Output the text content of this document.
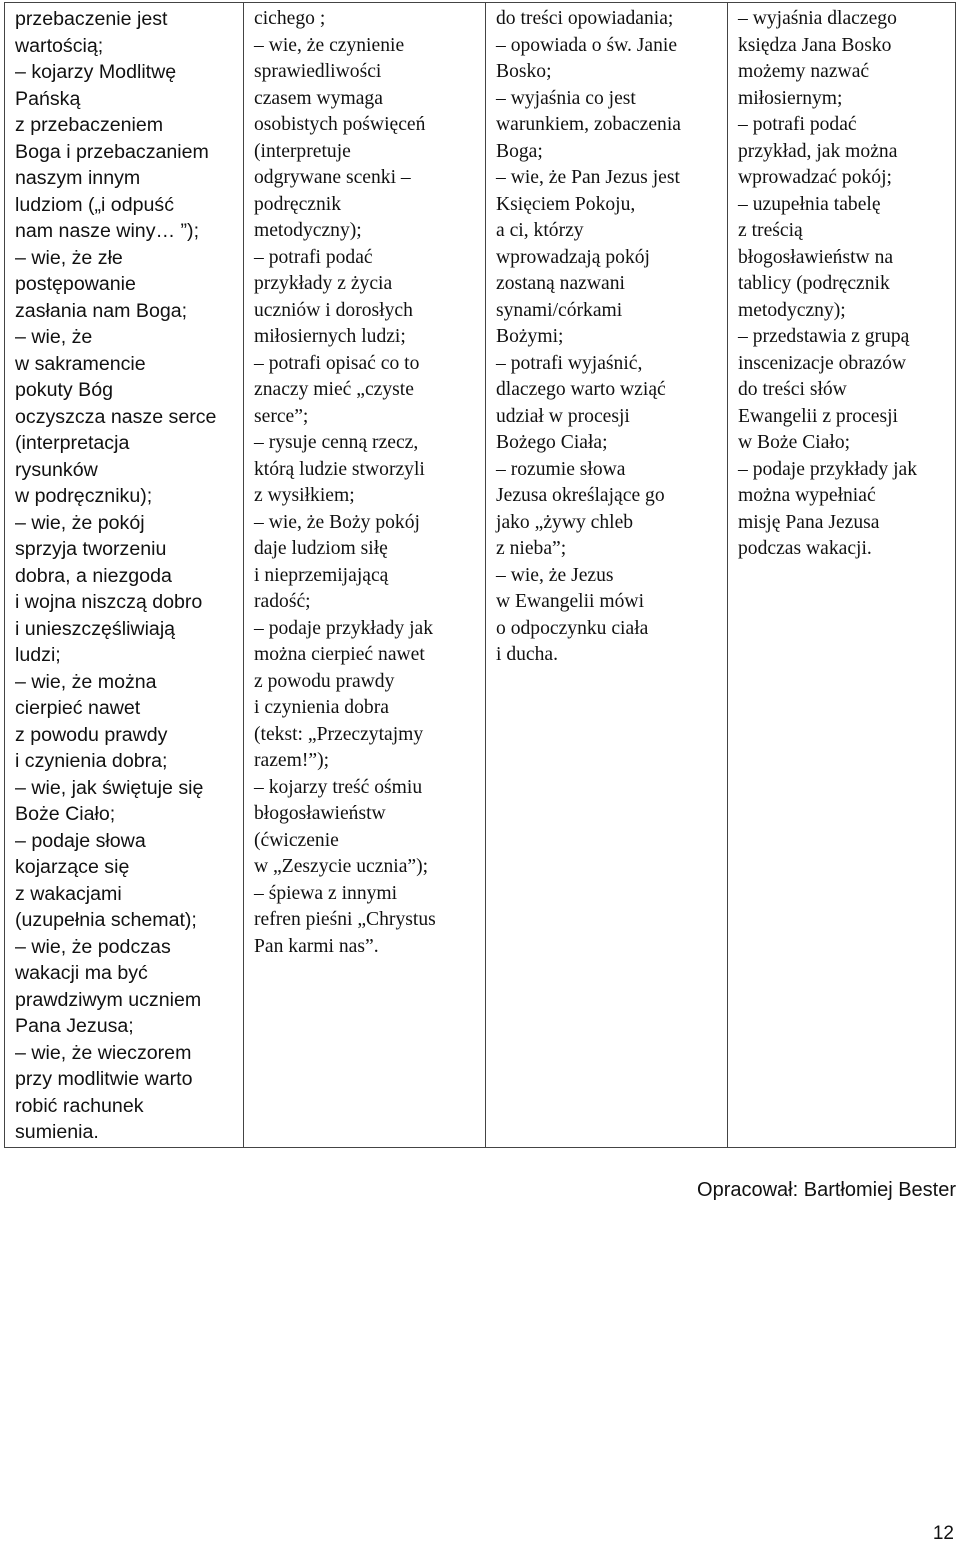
przebaczenie jest
wartością;
– kojarzy Modlitwę
Pańską
z przebaczeniem
Boga i przebaczaniem
naszym innym
ludziom („i odpuść
nam nasze winy… ”);
– wie, że złe
postępowanie
zasłania nam Boga;
– wie, że
w sakramencie
pokuty Bóg
oczyszcza nasze serce
(interpretacja
rysunków
w podręczniku);
– wie, że pokój
sprzyja tworzeniu
dobra, a niezgoda
i wojna niszczą dobro
i unieszczęśliwiają
ludzi;
– wie, że można
cierpieć nawet
z powodu prawdy
i czynienia dobra;
– wie, jak świętuje się
Boże Ciało;
– podaje słowa
kojarzące się
z wakacjami
(uzupełnia schemat);
– wie, że podczas
wakacji ma być
prawdziwym uczniem
Pana Jezusa;
– wie, że wieczorem
przy modlitwie warto
robić rachunek
sumienia.

cichego ;
– wie, że czynienie
sprawiedliwości
czasem wymaga
osobistych poświęceń
(interpretuje
odgrywane scenki –
podręcznik
metodyczny);
– potrafi podać
przykłady z życia
uczniów i dorosłych
miłosiernych ludzi;
– potrafi opisać co to
znaczy mieć „czyste
serce”;
– rysuje cenną rzecz,
którą ludzie stworzyli
z wysiłkiem;
– wie, że Boży pokój
daje ludziom siłę
i nieprzemijającą
radość;
– podaje przykłady jak
można cierpieć nawet
z powodu prawdy
i czynienia dobra
(tekst: „Przeczytajmy
razem!”);
– kojarzy treść ośmiu
błogosławieństw
(ćwiczenie
w „Zeszycie ucznia”);
– śpiewa z innymi
refren pieśni „Chrystus
Pan karmi nas”.

do treści opowiadania;
– opowiada o św. Janie
Bosko;
– wyjaśnia co jest
warunkiem, zobaczenia
Boga;
– wie, że Pan Jezus jest
Księciem Pokoju,
a ci, którzy
wprowadzają pokój
zostaną nazwani
synami/córkami
Bożymi;
– potrafi wyjaśnić,
dlaczego warto wziąć
udział w procesji
Bożego Ciała;
– rozumie słowa
Jezusa określające go
jako „żywy chleb
z nieba”;
– wie, że Jezus
w Ewangelii mówi
o odpoczynku ciała
i ducha.

– wyjaśnia dlaczego
księdza Jana Bosko
możemy nazwać
miłosiernym;
– potrafi podać
przykład, jak można
wprowadzać pokój;
– uzupełnia tabelę
z treścią
błogosławieństw na
tablicy (podręcznik
metodyczny);
– przedstawia z grupą
inscenizacje obrazów
do treści słów
Ewangelii z procesji
w Boże Ciało;
– podaje przykłady jak
można wypełniać
misję Pana Jezusa
podczas wakacji.
Opracował: Bartłomiej Bester
12
